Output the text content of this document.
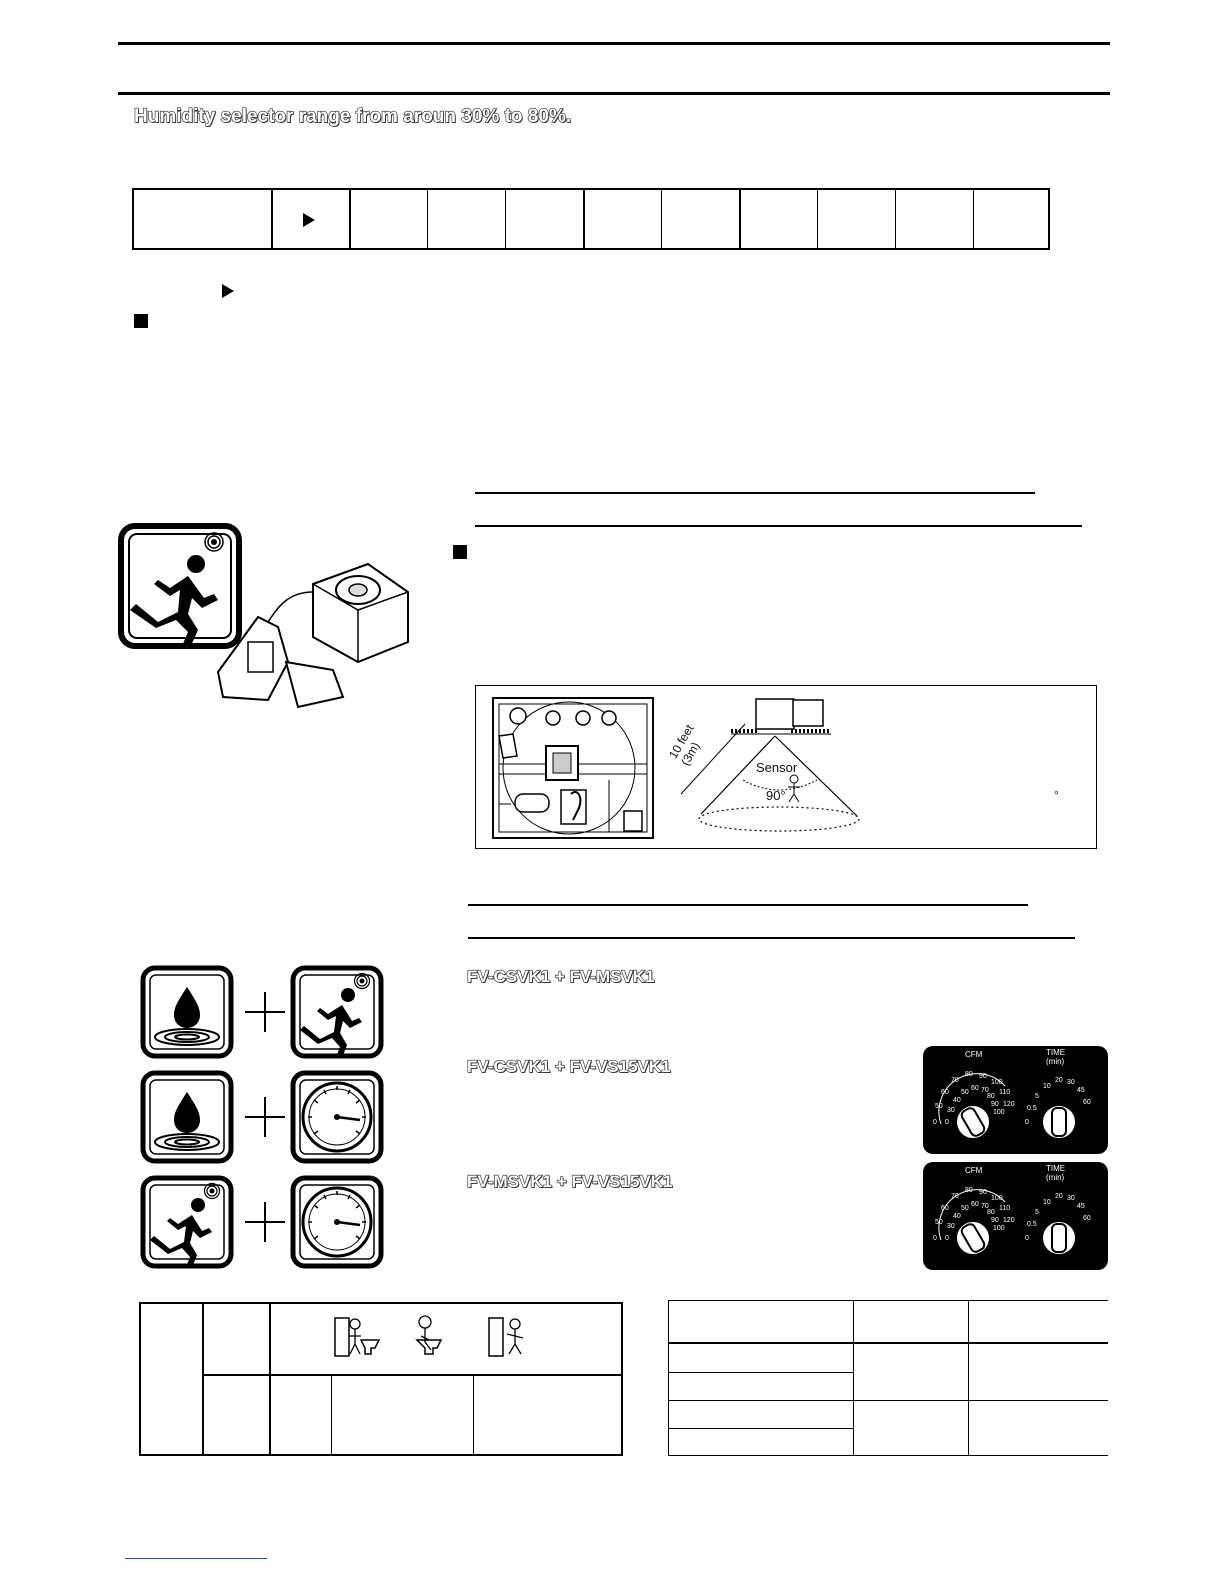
Humidity selector range from aroun 30% to 80%.
10 feet (3m)	Sensor
90°	°
FV-CSVK1 + FV-MSVK1
FV-CSVK1 + FV-VS15VK1
FV-MSVK1 + FV-VS15VK1
CFM	TIME
(min)
50
60
70
80 90
100
110
120
30
40
50
60 70
80
90
100
0 0	0
0.5
5
10
20 30
45
60
CFM	TIME
(min)
50
60
70
80 90
100
110
120
30
40
50
60 70
80
90
100
0 0	0
0.5
5
10
20 30
45
60
